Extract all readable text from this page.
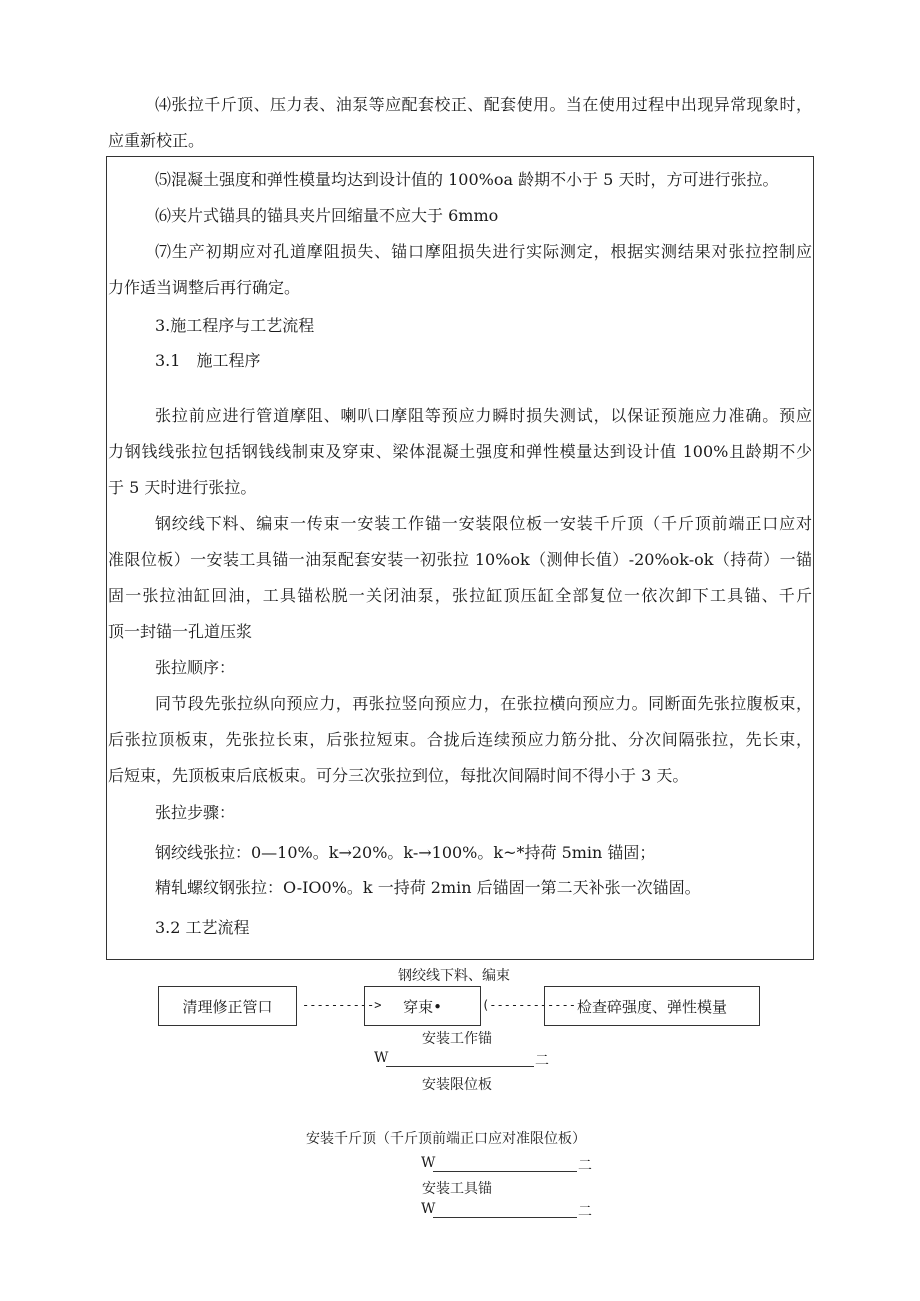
⑷张拉千斤顶、压力表、油泵等应配套校正、配套使用。当在使用过程中出现异常现象时，
应重新校正。
⑸混凝土强度和弹性模量均达到设计值的 100%oa 龄期不小于 5 天时，方可进行张拉。
⑹夹片式锚具的锚具夹片回缩量不应大于 6mmo
⑺生产初期应对孔道摩阻损失、锚口摩阻损失进行实际测定，根据实测结果对张拉控制应
力作适当调整后再行确定。
3.施工程序与工艺流程
3.1　施工程序
张拉前应进行管道摩阻、喇叭口摩阻等预应力瞬时损失测试，以保证预施应力准确。预应
力钢钱线张拉包括钢钱线制束及穿束、梁体混凝土强度和弹性模量达到设计值 100%且龄期不少
于 5 天时进行张拉。
钢绞线下料、编束一传束一安装工作锚一安装限位板一安装千斤顶（千斤顶前端正口应对
准限位板）一安装工具锚一油泵配套安装一初张拉 10%ok（测伸长值）-20%ok-ok（持荷）一锚
固一张拉油缸回油，工具锚松脱一关闭油泵，张拉缸顶压缸全部复位一依次卸下工具锚、千斤
顶一封锚一孔道压浆
张拉顺序：
同节段先张拉纵向预应力，再张拉竖向预应力，在张拉横向预应力。同断面先张拉腹板束，
后张拉顶板束，先张拉长束，后张拉短束。合拢后连续预应力筋分批、分次间隔张拉，先长束，
后短束，先顶板束后底板束。可分三次张拉到位，每批次间隔时间不得小于 3 天。
张拉步骤：
钢绞线张拉：0—10%。k→20%。k-→100%。k~*持荷 5min 锚固；
精轧螺纹钢张拉：O-IO0%。k 一持荷 2min 后锚固一第二天补张一次锚固。
3.2 工艺流程
钢绞线下料、编束
清理修正管口 ----------> 穿束•	(------------ 检查碎强度、弹性模量
安装工作锚
W	二
安装限位板
安装千斤顶（千斤顶前端正口应对准限位板）
W	二
安装工具锚
W	二
